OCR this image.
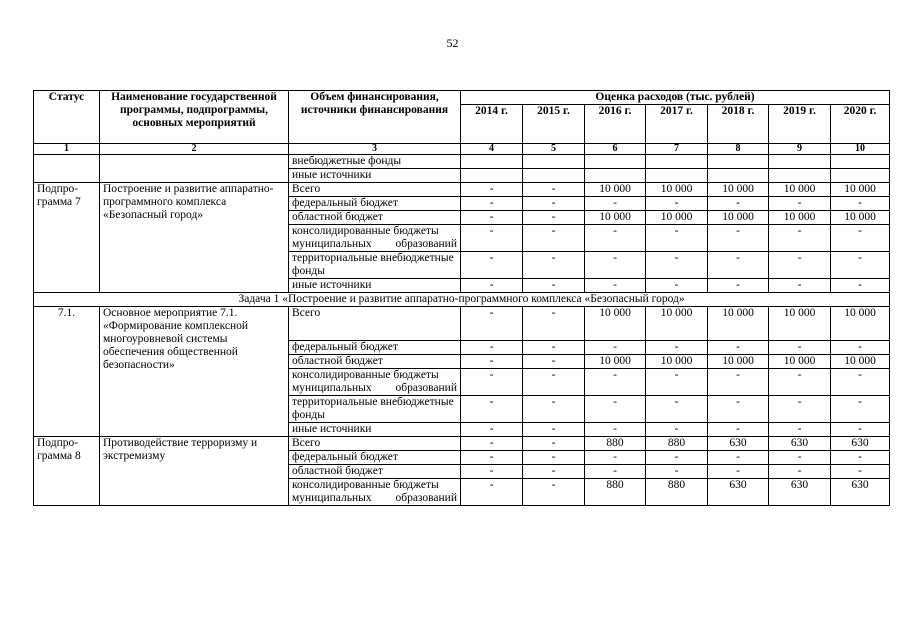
52
Статус	Наименование государственной программы, подпрограммы, основных мероприятий	Объем финансирования, источники финансирования	Оценка расходов (тыс. рублей)						
			2014 г.	2015 г.	2016 г.	2017 г.	2018 г.	2019 г.	2020 г.
1	2	3	4	5	6	7	8	9	10
		внебюджетные фонды							
		иные источники							
Подпро-грамма 7	Построение и развитие аппаратно-программного комплекса «Безопасный город»	Всего	-	-	10 000	10 000	10 000	10 000	10 000
		федеральный бюджет	-	-	-	-	-	-	-
		областной бюджет	-	-	10 000	10 000	10 000	10 000	10 000
		консолидированные бюджеты муниципальных образований	-	-	-	-	-	-	-
		территориальные внебюджетные фонды	-	-	-	-	-	-	-
		иные источники	-	-	-	-	-	-	-
Задача 1 «Построение и развитие аппаратно-программного комплекса «Безопасный город»									
7.1.	Основное мероприятие 7.1. «Формирование комплексной многоуровневой системы обеспечения общественной безопасности»	Всего	-	-	10 000	10 000	10 000	10 000	10 000
		федеральный бюджет	-	-	-	-	-	-	-
		областной бюджет	-	-	10 000	10 000	10 000	10 000	10 000
		консолидированные бюджеты муниципальных образований	-	-	-	-	-	-	-
		территориальные внебюджетные фонды	-	-	-	-	-	-	-
		иные источники	-	-	-	-	-	-	-
Подпро-грамма 8	Противодействие терроризму и экстремизму	Всего	-	-	880	880	630	630	630
		федеральный бюджет	-	-	-	-	-	-	-
		областной бюджет	-	-	-	-	-	-	-
		консолидированные бюджеты муниципальных образований	-	-	880	880	630	630	630
